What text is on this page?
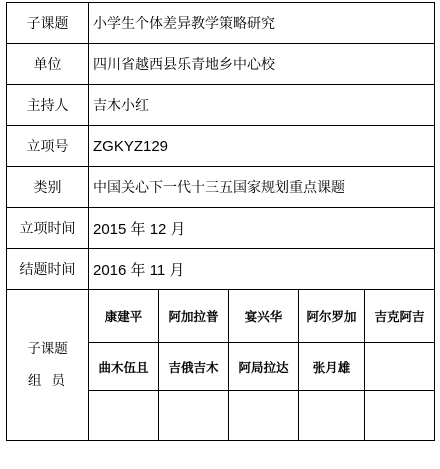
子课题	小学生个体差异教学策略研究				
单位	四川省越西县乐青地乡中心校				
主持人	吉木小红				
立项号	ZGKYZ129				
类别	中国关心下一代十三五国家规划重点课题				
立项时间	2015 年 12 月				
结题时间	2016 年 11 月				

子课题
组员	康建平	阿加拉普	宴兴华	阿尔罗加	吉克阿吉
	曲木伍且	吉俄吉木	阿局拉达	张月雄	
